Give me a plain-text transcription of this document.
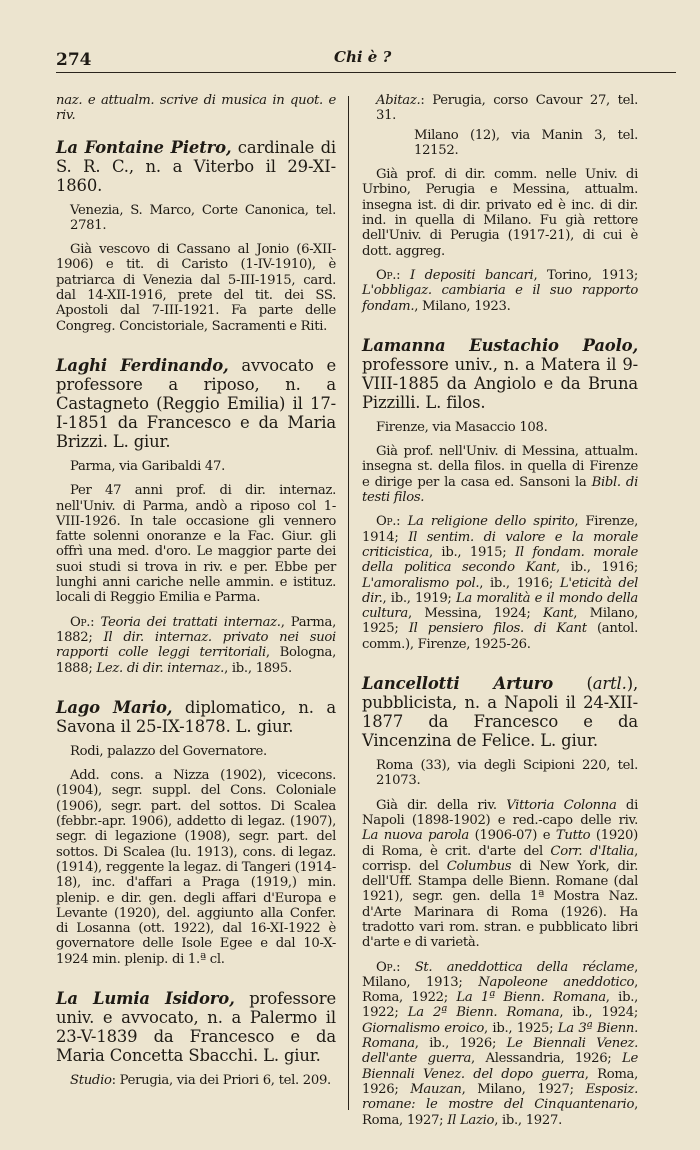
274	Chi è ?

naz. e attualm. scrive di musica in quot. e riv.

La Fontaine Pietro, cardinale di S. R. C., n. a Viterbo il 29-XI-1860.

Venezia, S. Marco, Corte Canonica, tel. 2781.

Già vescovo di Cassano al Jonio (6-XII-1906) e tit. di Caristo (1-IV-1910), è patriarca di Venezia dal 5-III-1915, card. dal 14-XII-1916, prete del tit. dei SS. Apostoli dal 7-III-1921. Fa parte delle Congreg. Concistoriale, Sacramenti e Riti.

Laghi Ferdinando, avvocato e professore a riposo, n. a Castagneto (Reggio Emilia) il 17-I-1851 da Francesco e da Maria Brizzi. L. giur.

Parma, via Garibaldi 47.

Per 47 anni prof. di dir. internaz. nell'Univ. di Parma, andò a riposo col 1-VIII-1926. In tale occasione gli vennero fatte solenni onoranze e la Fac. Giur. gli offrì una med. d'oro. Le maggior parte dei suoi studi si trova in riv. e per. Ebbe per lunghi anni cariche nelle ammin. e istituz. locali di Reggio Emilia e Parma.

Op.: Teoria dei trattati internaz., Parma, 1882; Il dir. internaz. privato nei suoi rapporti colle leggi territoriali, Bologna, 1888; Lez. di dir. internaz., ib., 1895.

Lago Mario, diplomatico, n. a Savona il 25-IX-1878. L. giur.

Rodi, palazzo del Governatore.

Add. cons. a Nizza (1902), vicecons. (1904), segr. suppl. del Cons. Coloniale (1906), segr. part. del sottos. Di Scalea (febbr.-apr. 1906), addetto di legaz. (1907), segr. di legazione (1908), segr. part. del sottos. Di Scalea (lu. 1913), cons. di legaz. (1914), reggente la legaz. di Tangeri (1914-18), inc. d'affari a Praga (1919,) min. plenip. e dir. gen. degli affari d'Europa e Levante (1920), del. aggiunto alla Confer. di Losanna (ott. 1922), dal 16-XI-1922 è governatore delle Isole Egee e dal 10-X-1924 min. plenip. di 1.ª cl.

La Lumia Isidoro, professore univ. e avvocato, n. a Palermo il 23-V-1839 da Francesco e da Maria Concetta Sbacchi. L. giur.

Studio: Perugia, via dei Priori 6, tel. 209.

Abitaz.: Perugia, corso Cavour 27, tel. 31.

Milano (12), via Manin 3, tel. 12152.

Già prof. di dir. comm. nelle Univ. di Urbino, Perugia e Messina, attualm. insegna ist. di dir. privato ed è inc. di dir. ind. in quella di Milano. Fu già rettore dell'Univ. di Perugia (1917-21), di cui è dott. aggreg.

Op.: I depositi bancari, Torino, 1913; L'obbligaz. cambiaria e il suo rapporto fondam., Milano, 1923.

Lamanna Eustachio Paolo, professore univ., n. a Matera il 9-VIII-1885 da Angiolo e da Bruna Pizzilli. L. filos.

Firenze, via Masaccio 108.

Già prof. nell'Univ. di Messina, attualm. insegna st. della filos. in quella di Firenze e dirige per la casa ed. Sansoni la Bibl. di testi filos.

Op.: La religione dello spirito, Firenze, 1914; Il sentim. di valore e la morale criticistica, ib., 1915; Il fondam. morale della politica secondo Kant, ib., 1916; L'amoralismo pol., ib., 1916; L'eticità del dir., ib., 1919; La moralità e il mondo della cultura, Messina, 1924; Kant, Milano, 1925; Il pensiero filos. di Kant (antol. comm.), Firenze, 1925-26.

Lancellotti Arturo (artl.), pubblicista, n. a Napoli il 24-XII-1877 da Francesco e da Vincenzina de Felice. L. giur.

Roma (33), via degli Scipioni 220, tel. 21073.

Già dir. della riv. Vittoria Colonna di Napoli (1898-1902) e red.-capo delle riv. La nuova parola (1906-07) e Tutto (1920) di Roma, è crit. d'arte del Corr. d'Italia, corrisp. del Columbus di New York, dir. dell'Uff. Stampa delle Bienn. Romane (dal 1921), segr. gen. della 1ª Mostra Naz. d'Arte Marinara di Roma (1926). Ha tradotto vari rom. stran. e pubblicato libri d'arte e di varietà.

Op.: St. aneddottica della réclame, Milano, 1913; Napoleone aneddotico, Roma, 1922; La 1ª Bienn. Romana, ib., 1922; La 2ª Bienn. Romana, ib., 1924; Giornalismo eroico, ib., 1925; La 3ª Bienn. Romana, ib., 1926; Le Biennali Venez. dell'ante guerra, Alessandria, 1926; Le Biennali Venez. del dopo guerra, Roma, 1926; Mauzan, Milano, 1927; Esposiz. romane: le mostre del Cinquantenario, Roma, 1927; Il Lazio, ib., 1927.
